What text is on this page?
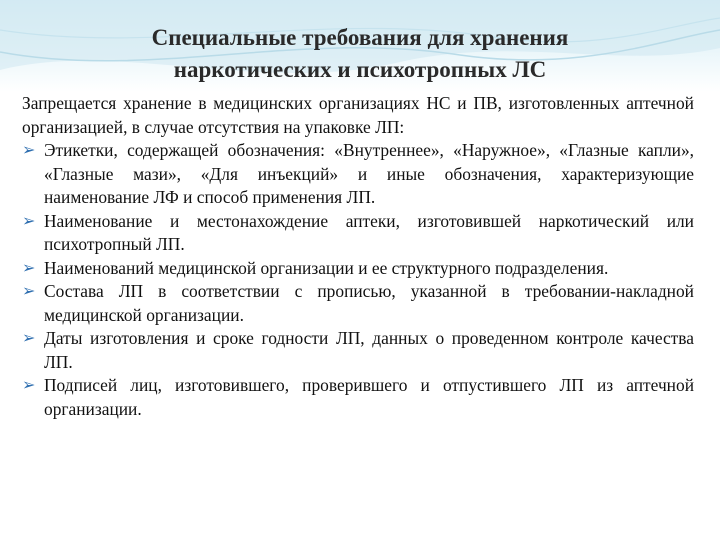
Специальные требования для хранения
наркотических и психотропных ЛС

Запрещается хранение в медицинских организациях НС и ПВ, изготовленных аптечной организацией, в случае отсутствия на упаковке ЛП:

➢ Этикетки, содержащей обозначения: «Внутреннее», «Наружное», «Глазные капли», «Глазные мази», «Для инъекций» и иные обозначения, характеризующие наименование ЛФ и способ применения ЛП.
➢ Наименование и местонахождение аптеки, изготовившей наркотический или психотропный ЛП.
➢ Наименований медицинской организации и ее структурного подразделения.
➢ Состава ЛП в соответствии с прописью, указанной в требовании-накладной медицинской организации.
➢ Даты изготовления и сроке годности ЛП, данных о проведенном контроле качества ЛП.
➢ Подписей лиц, изготовившего, проверившего и отпустившего ЛП из аптечной организации.
